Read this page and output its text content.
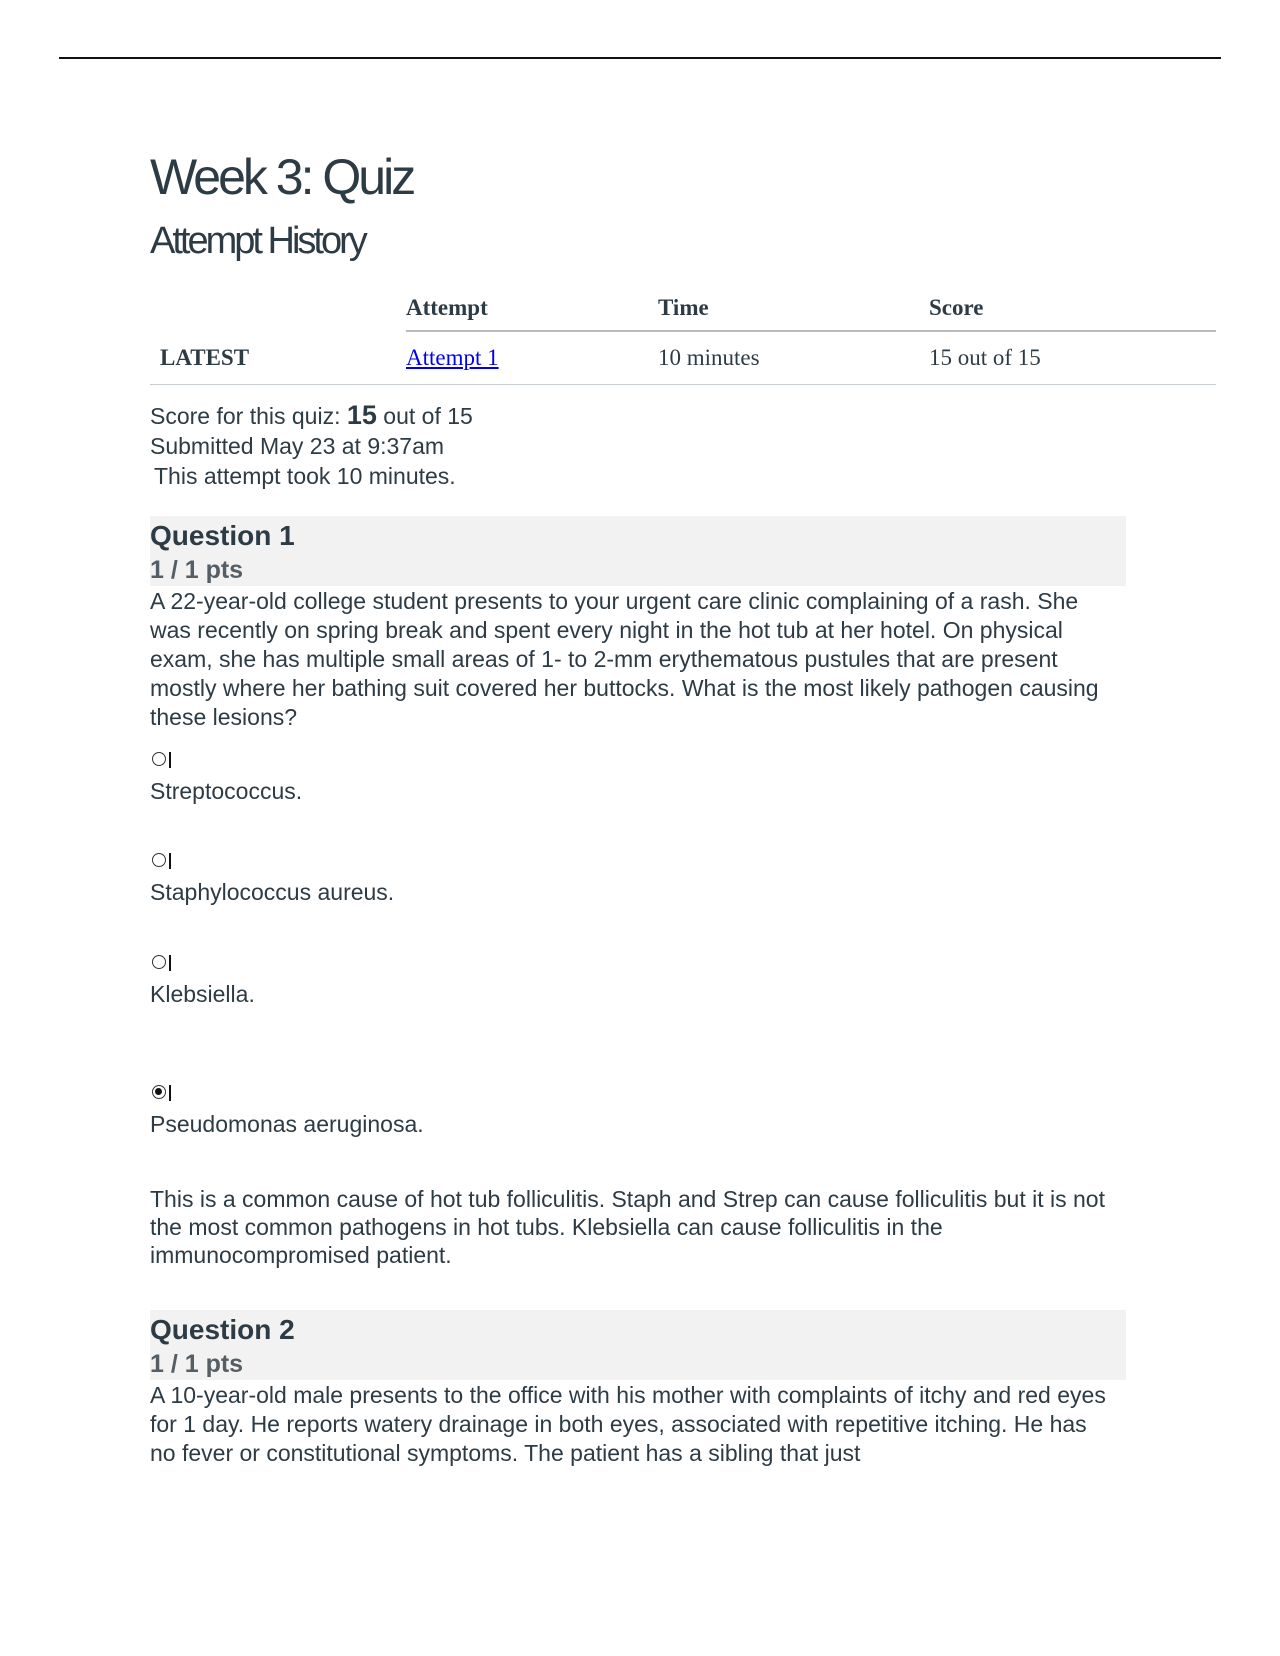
Week 3: Quiz
Attempt History
	Attempt	Time	Score
LATEST	Attempt 1	10 minutes	15 out of 15
Score for this quiz: 15 out of 15
Submitted May 23 at 9:37am
This attempt took 10 minutes.
Question 1
1 / 1 pts

A 22-year-old college student presents to your urgent care clinic complaining of a rash. She was recently on spring break and spent every night in the hot tub at her hotel. On physical exam, she has multiple small areas of 1- to 2-mm erythematous pustules that are present mostly where her bathing suit covered her buttocks. What is the most likely pathogen causing these lesions?

Streptococcus.
Staphylococcus aureus.
Klebsiella.
Pseudomonas aeruginosa.

This is a common cause of hot tub folliculitis. Staph and Strep can cause folliculitis but it is not the most common pathogens in hot tubs. Klebsiella can cause folliculitis in the immunocompromised patient.

Question 2
1 / 1 pts

A 10-year-old male presents to the office with his mother with complaints of itchy and red eyes for 1 day. He reports watery drainage in both eyes, associated with repetitive itching. He has no fever or constitutional symptoms. The patient has a sibling that just
